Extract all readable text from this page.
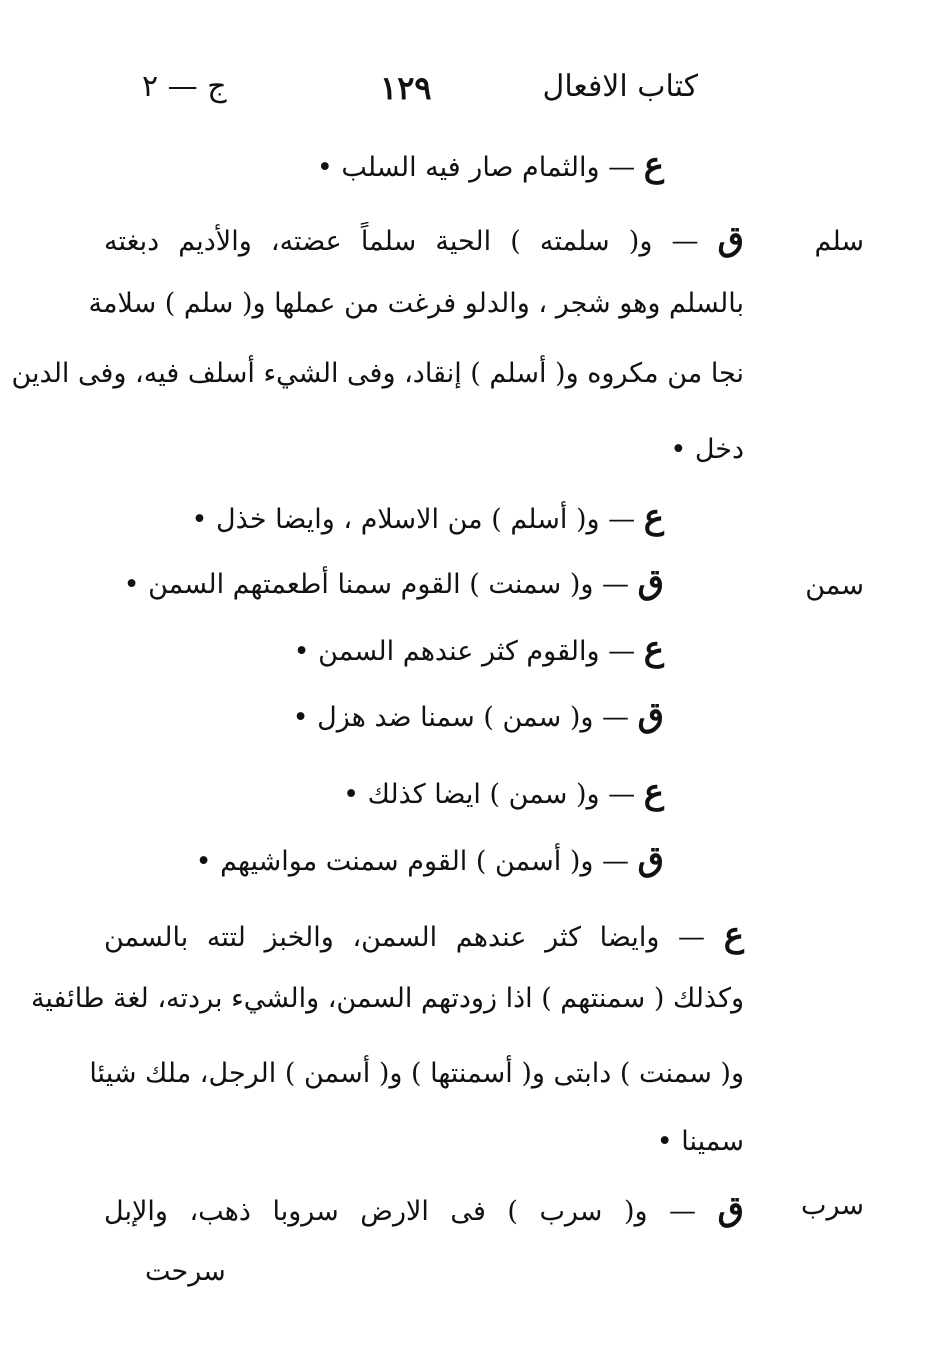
كتاب الافعال
١٢٩
ج — ٢
سلم
سمن
سرب
ع — والثمام صار فيه السلب •
ق — و( سلمته ) الحية سلماً عضته، والأديم دبغته
بالسلم وهو شجر ، والدلو فرغت من عملها و( سلم ) سلامة
نجا من مكروه و( أسلم ) إنقاد، وفى الشيء أسلف فيه، وفى الدين
دخل •
ع — و( أسلم ) من الاسلام ، وايضا خذل •
ق — و( سمنت ) القوم سمنا أطعمتهم السمن •
ع — والقوم كثر عندهم السمن •
ق — و( سمن ) سمنا ضد هزل •
ع — و( سمن ) ايضا كذلك •
ق — و( أسمن ) القوم سمنت مواشيهم •
ع — وايضا كثر عندهم السمن، والخبز لتته بالسمن
وكذلك ( سمنتهم ) اذا زودتهم السمن، والشيء بردته، لغة طائفية
و( سمنت ) دابتى و( أسمنتها ) و( أسمن ) الرجل، ملك شيئا
سمينا •
ق — و( سرب ) فى الارض سروبا ذهب، والإبل
سرحت
